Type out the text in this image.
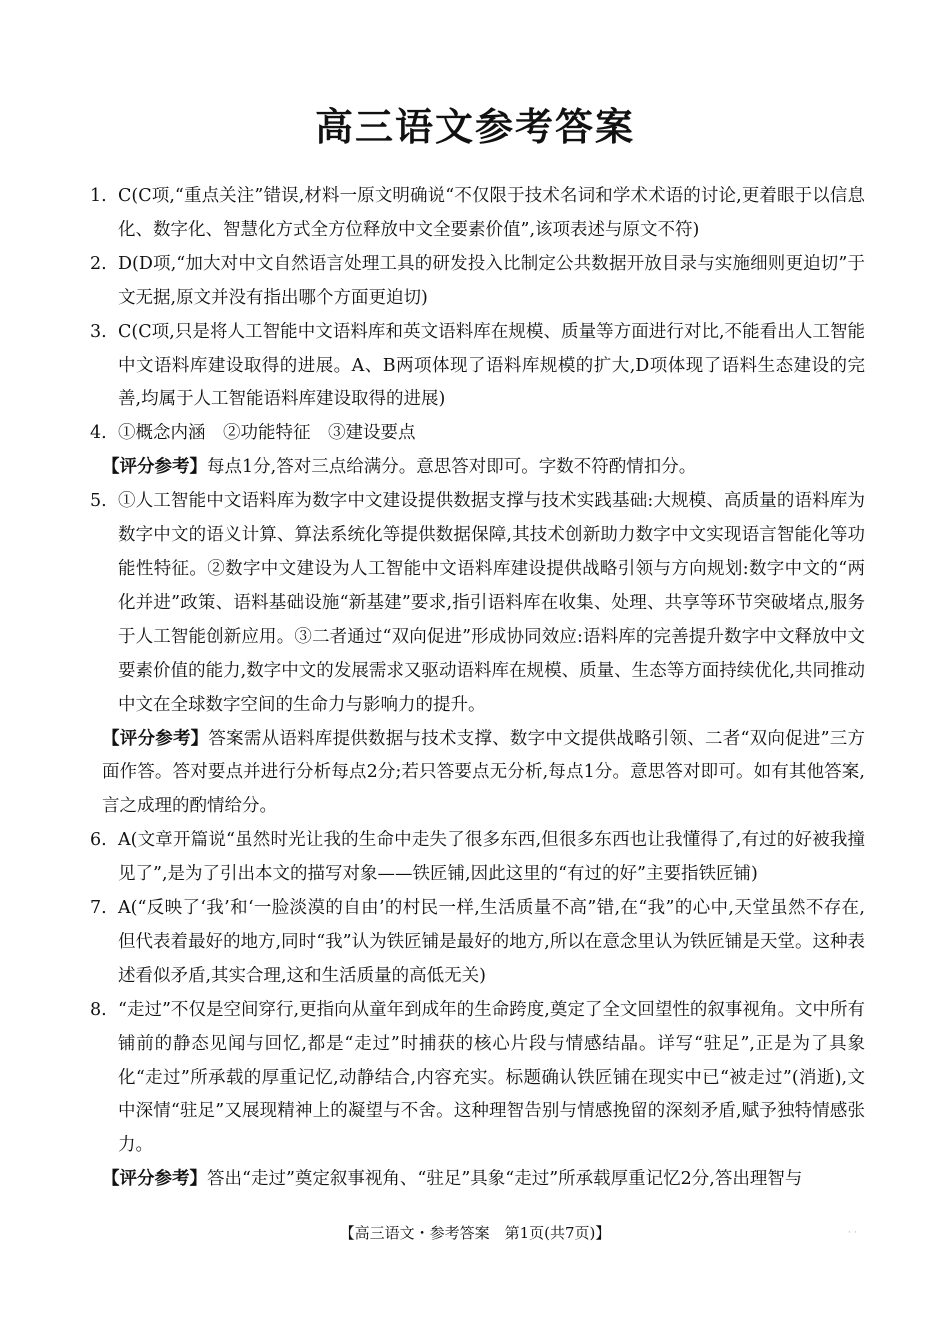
高三语文参考答案
1. C(C项,“重点关注”错误,材料一原文明确说“不仅限于技术名词和学术术语的讨论,更着眼于以信息化、数字化、智慧化方式全方位释放中文全要素价值”,该项表述与原文不符)
2. D(D项,“加大对中文自然语言处理工具的研发投入比制定公共数据开放目录与实施细则更迫切”于文无据,原文并没有指出哪个方面更迫切)
3. C(C项,只是将人工智能中文语料库和英文语料库在规模、质量等方面进行对比,不能看出人工智能中文语料库建设取得的进展。A、B两项体现了语料库规模的扩大,D项体现了语料生态建设的完善,均属于人工智能语料库建设取得的进展)
4. ①概念内涵　②功能特征　③建设要点
【评分参考】每点1分,答对三点给满分。意思答对即可。字数不符酌情扣分。
5. ①人工智能中文语料库为数字中文建设提供数据支撑与技术实践基础:大规模、高质量的语料库为数字中文的语义计算、算法系统化等提供数据保障,其技术创新助力数字中文实现语言智能化等功能性特征。②数字中文建设为人工智能中文语料库建设提供战略引领与方向规划:数字中文的“两化并进”政策、语料基础设施“新基建”要求,指引语料库在收集、处理、共享等环节突破堵点,服务于人工智能创新应用。③二者通过“双向促进”形成协同效应:语料库的完善提升数字中文释放中文要素价值的能力,数字中文的发展需求又驱动语料库在规模、质量、生态等方面持续优化,共同推动中文在全球数字空间的生命力与影响力的提升。
【评分参考】答案需从语料库提供数据与技术支撑、数字中文提供战略引领、二者“双向促进”三方面作答。答对要点并进行分析每点2分;若只答要点无分析,每点1分。意思答对即可。如有其他答案,言之成理的酌情给分。
6. A(文章开篇说“虽然时光让我的生命中走失了很多东西,但很多东西也让我懂得了,有过的好被我撞见了”,是为了引出本文的描写对象——铁匠铺,因此这里的“有过的好”主要指铁匠铺)
7. A(“反映了‘我’和‘一脸淡漠的自由’的村民一样,生活质量不高”错,在“我”的心中,天堂虽然不存在,但代表着最好的地方,同时“我”认为铁匠铺是最好的地方,所以在意念里认为铁匠铺是天堂。这种表述看似矛盾,其实合理,这和生活质量的高低无关)
8. “走过”不仅是空间穿行,更指向从童年到成年的生命跨度,奠定了全文回望性的叙事视角。文中所有铺前的静态见闻与回忆,都是“走过”时捕获的核心片段与情感结晶。详写“驻足”,正是为了具象化“走过”所承载的厚重记忆,动静结合,内容充实。标题确认铁匠铺在现实中已“被走过”(消逝),文中深情“驻足”又展现精神上的凝望与不舍。这种理智告别与情感挽留的深刻矛盾,赋予独特情感张力。
【评分参考】答出“走过”奠定叙事视角、“驻足”具象“走过”所承载厚重记忆2分,答出理智与
【高三语文・参考答案　第1页(共7页)】	· ·
